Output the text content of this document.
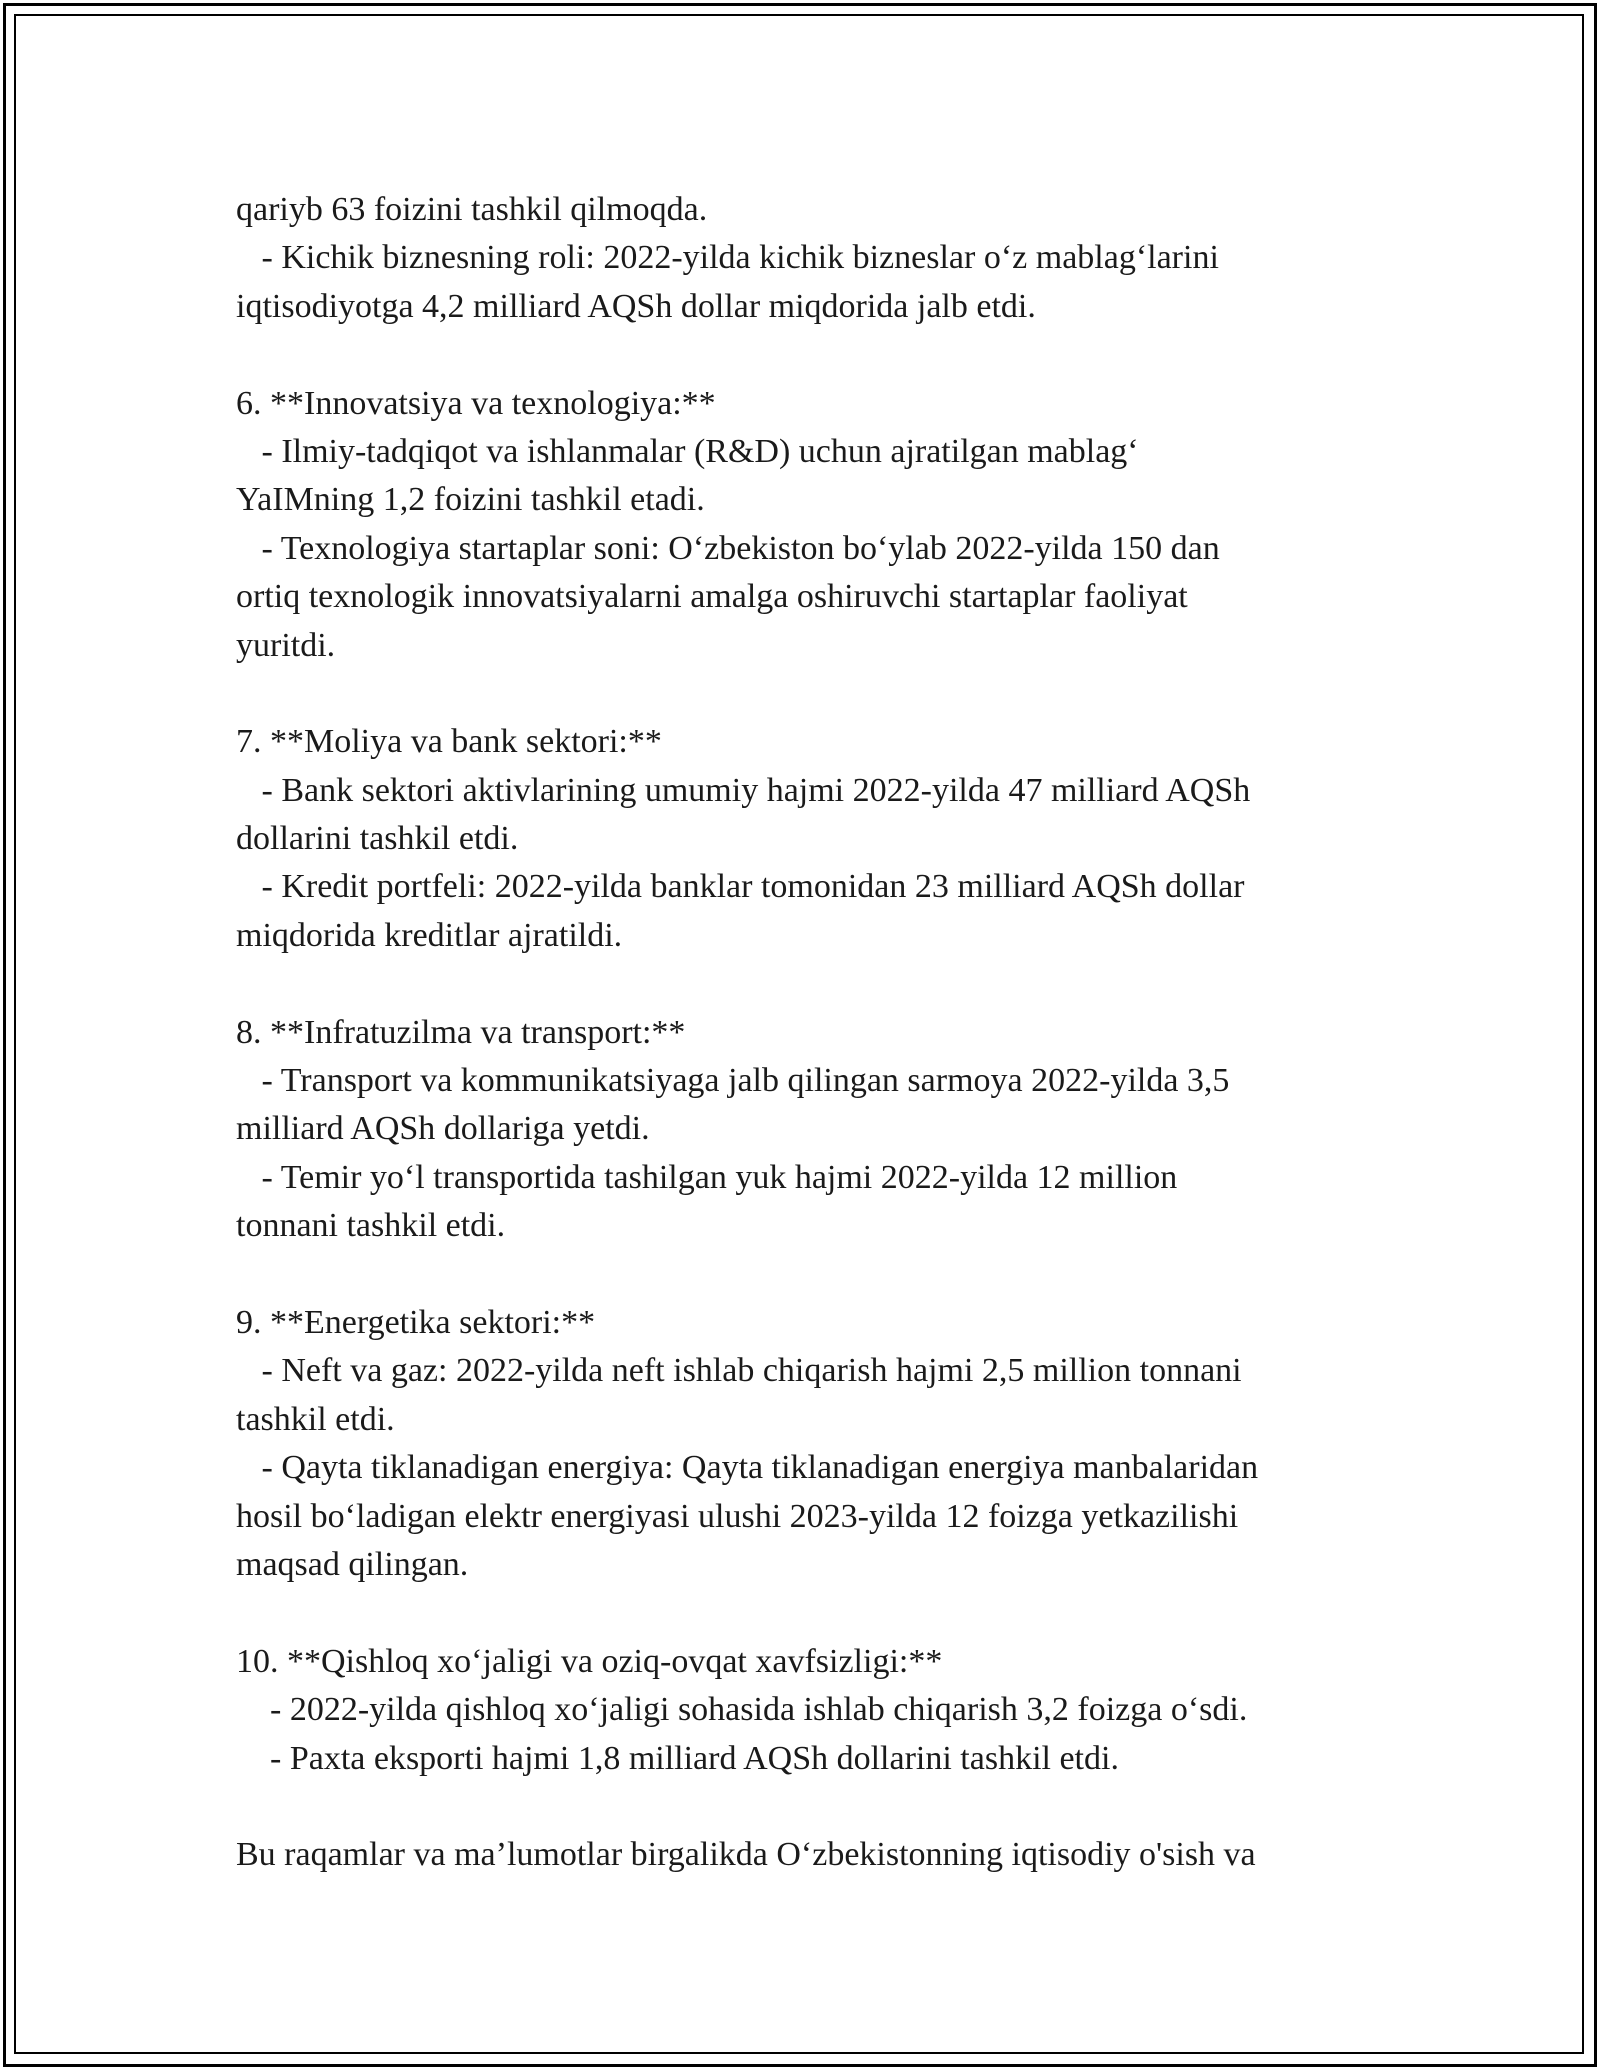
qariyb 63 foizini tashkil qilmoqda.
- Kichik biznesning roli: 2022-yilda kichik bizneslar o‘z mablag‘larini
iqtisodiyotga 4,2 milliard AQSh dollar miqdorida jalb etdi.
6. **Innovatsiya va texnologiya:**
- Ilmiy-tadqiqot va ishlanmalar (R&D) uchun ajratilgan mablag‘
YaIMning 1,2 foizini tashkil etadi.
- Texnologiya startaplar soni: O‘zbekiston bo‘ylab 2022-yilda 150 dan
ortiq texnologik innovatsiyalarni amalga oshiruvchi startaplar faoliyat
yuritdi.
7. **Moliya va bank sektori:**
- Bank sektori aktivlarining umumiy hajmi 2022-yilda 47 milliard AQSh
dollarini tashkil etdi.
- Kredit portfeli: 2022-yilda banklar tomonidan 23 milliard AQSh dollar
miqdorida kreditlar ajratildi.
8. **Infratuzilma va transport:**
- Transport va kommunikatsiyaga jalb qilingan sarmoya 2022-yilda 3,5
milliard AQSh dollariga yetdi.
- Temir yo‘l transportida tashilgan yuk hajmi 2022-yilda 12 million
tonnani tashkil etdi.
9. **Energetika sektori:**
- Neft va gaz: 2022-yilda neft ishlab chiqarish hajmi 2,5 million tonnani
tashkil etdi.
- Qayta tiklanadigan energiya: Qayta tiklanadigan energiya manbalaridan
hosil bo‘ladigan elektr energiyasi ulushi 2023-yilda 12 foizga yetkazilishi
maqsad qilingan.
10. **Qishloq xo‘jaligi va oziq-ovqat xavfsizligi:**
- 2022-yilda qishloq xo‘jaligi sohasida ishlab chiqarish 3,2 foizga o‘sdi.
- Paxta eksporti hajmi 1,8 milliard AQSh dollarini tashkil etdi.
Bu raqamlar va ma’lumotlar birgalikda O‘zbekistonning iqtisodiy o'sish va
